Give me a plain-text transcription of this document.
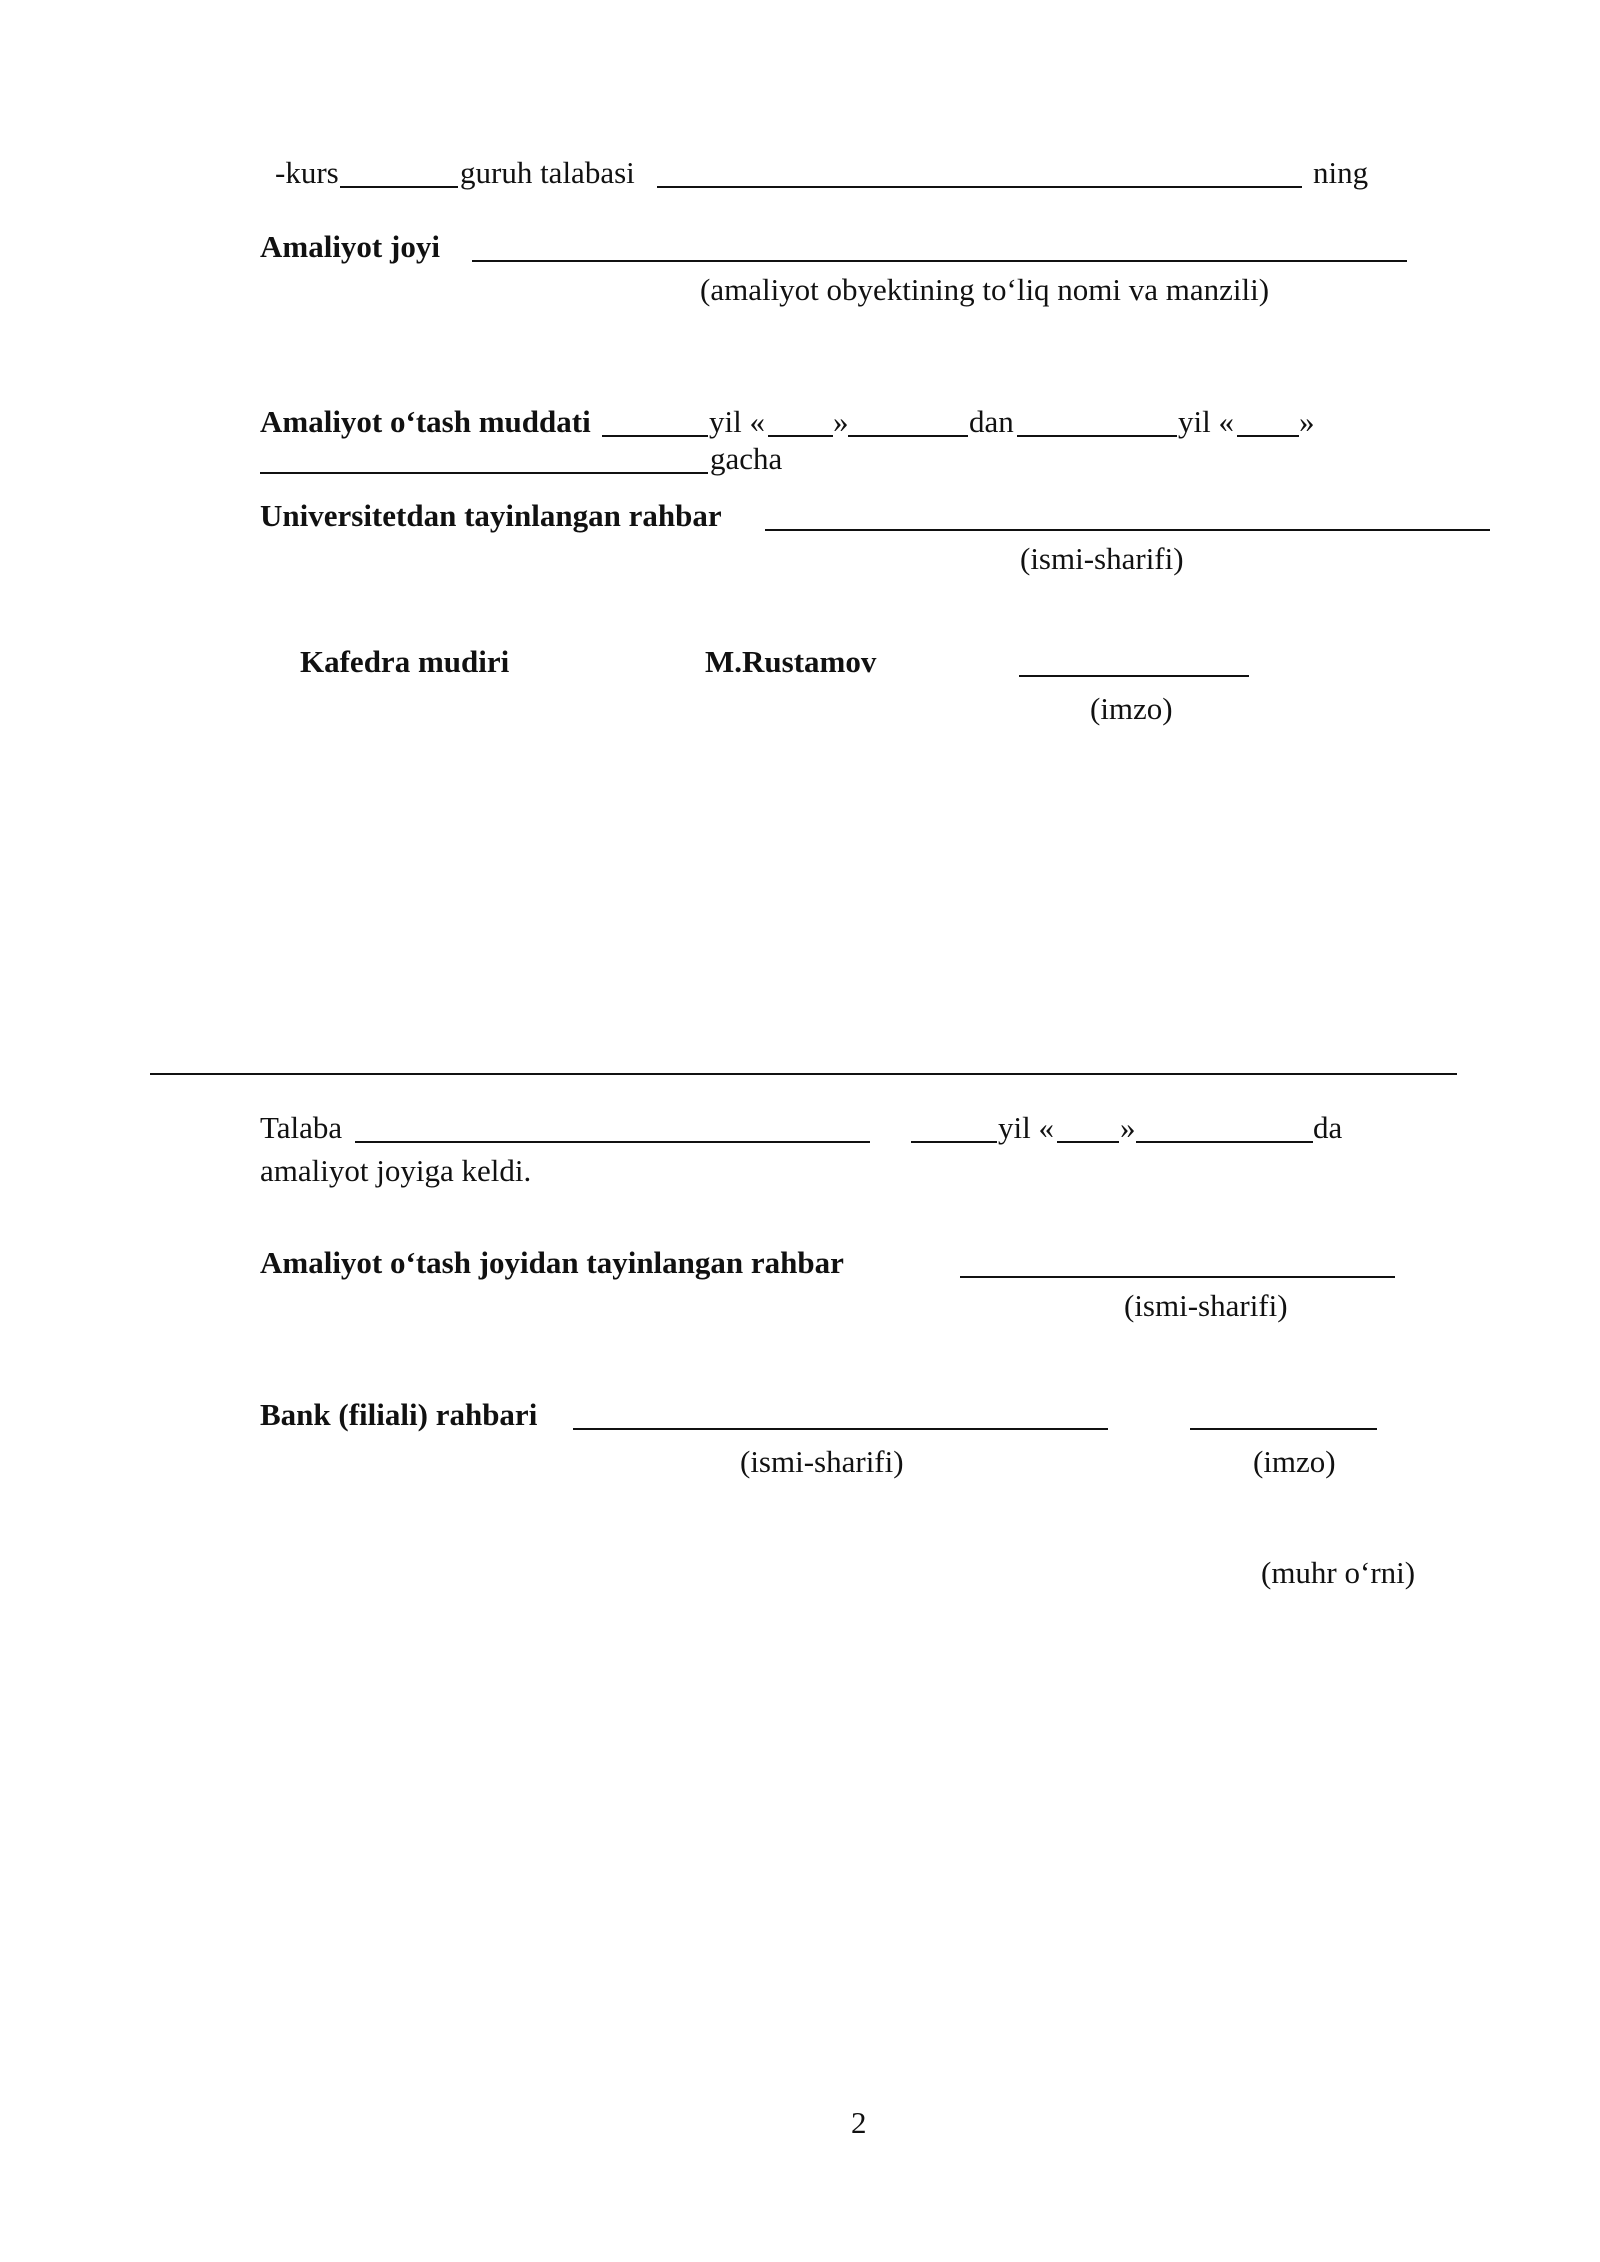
-kurs	guruh talabasi	ning
Amaliyot joyi
(amaliyot obyektining to‘liq nomi va manzili)
Amaliyot o‘tash muddati	yil « »	dan	yil « »
gacha
Universitetdan tayinlangan rahbar
(ismi-sharifi)
Kafedra mudiri	M.Rustamov
(imzo)
Talaba	yil « »	da
amaliyot joyiga keldi.
Amaliyot o‘tash joyidan tayinlangan rahbar
(ismi-sharifi)
Bank (filiali) rahbari
(ismi-sharifi)	(imzo)
(muhr o‘rni)
2
